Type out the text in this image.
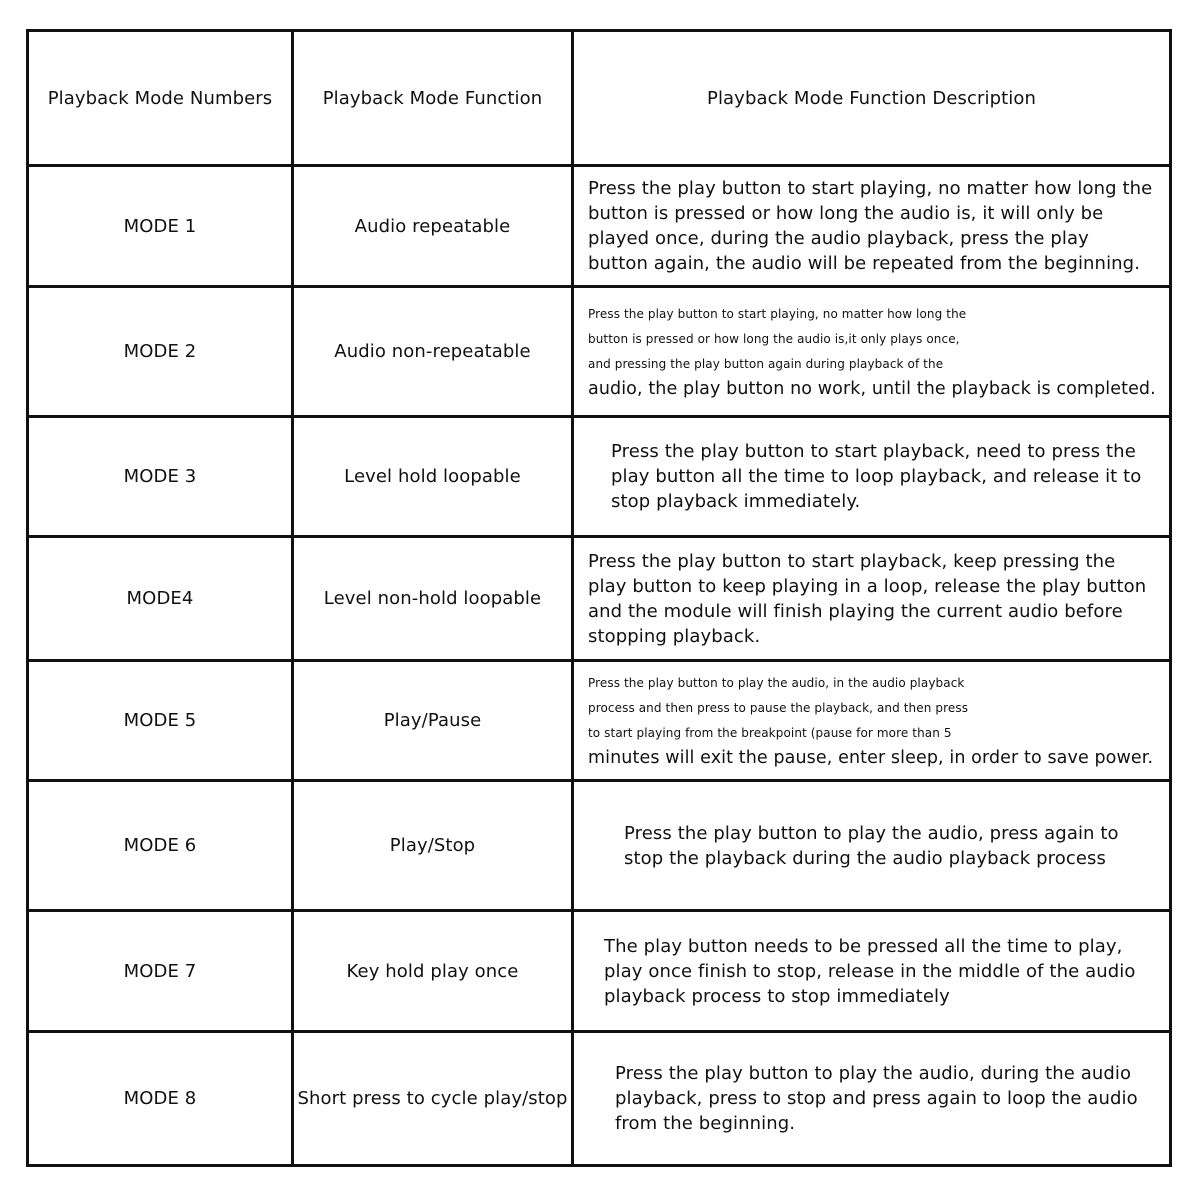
Playback Mode Numbers	Playback Mode Function	Playback Mode Function Description
MODE 1	Audio repeatable	Press the play button to start playing, no matter how long the
button is pressed or how long the audio is, it will only be
played once, during the audio playback, press the play
button again, the audio will be repeated from the beginning.

MODE 2	Audio non-repeatable	Press the play button to start playing, no matter how long the
button is pressed or how long the audio is,it only plays once,
and pressing the play button again during playback of the
audio, the play button no work, until the playback is completed.

MODE 3	Level hold loopable	Press the play button to start playback, need to press the
play button all the time to loop playback, and release it to
stop playback immediately.

MODE4	Level non-hold loopable	Press the play button to start playback, keep pressing the
play button to keep playing in a loop, release the play button
and the module will finish playing the current audio before
stopping playback.

MODE 5	Play/Pause	Press the play button to play the audio, in the audio playback
process and then press to pause the playback, and then press
to start playing from the breakpoint (pause for more than 5
minutes will exit the pause, enter sleep, in order to save power.

MODE 6	Play/Stop	Press the play button to play the audio, press again to
stop the playback during the audio playback process

MODE 7	Key hold play once	The play button needs to be pressed all the time to play,
play once finish to stop, release in the middle of the audio
playback process to stop immediately

MODE 8	Short press to cycle play/stop	Press the play button to play the audio, during the audio
playback, press to stop and press again to loop the audio
from the beginning.
